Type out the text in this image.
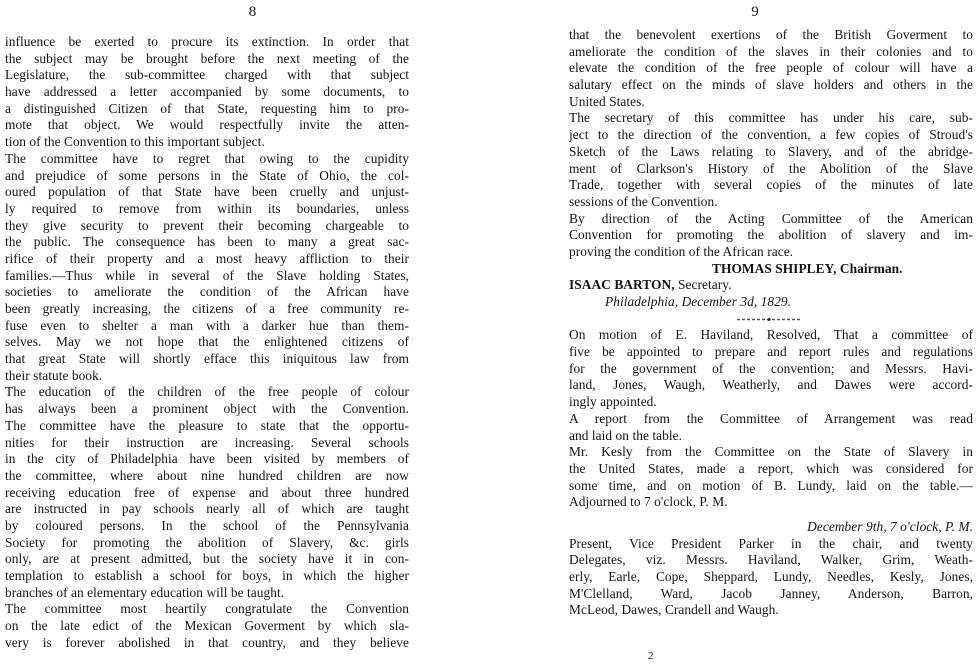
8
influence be exerted to procure its extinction. In order that
the subject may be brought before the next meeting of the
Legislature, the sub-committee charged with that subject
have addressed a letter accompanied by some documents, to
a distinguished Citizen of that State, requesting him to pro-
mote that object. We would respectfully invite the atten-
tion of the Convention to this important subject.
The committee have to regret that owing to the cupidity
and prejudice of some persons in the State of Ohio, the col-
oured population of that State have been cruelly and unjust-
ly required to remove from within its boundaries, unless
they give security to prevent their becoming chargeable to
the public. The consequence has been to many a great sac-
rifice of their property and a most heavy affliction to their
families.—Thus while in several of the Slave holding States,
societies to ameliorate the condition of the African have
been greatly increasing, the citizens of a free community re-
fuse even to shelter a man with a darker hue than them-
selves. May we not hope that the enlightened citizens of
that great State will shortly efface this iniquitous law from
their statute book.
The education of the children of the free people of colour
has always been a prominent object with the Convention.
The committee have the pleasure to state that the opportu-
nities for their instruction are increasing. Several schools
in the city of Philadelphia have been visited by members of
the committee, where about nine hundred children are now
receiving education free of expense and about three hundred
are instructed in pay schools nearly all of which are taught
by coloured persons. In the school of the Pennsylvania
Society for promoting the abolition of Slavery, &c. girls
only, are at present admitted, but the society have it in con-
templation to establish a school for boys, in which the higher
branches of an elementary education will be taught.
The committee most heartily congratulate the Convention
on the late edict of the Mexican Goverment by which sla-
very is forever abolished in that country, and they believe
9
that the benevolent exertions of the British Goverment to
ameliorate the condition of the slaves in their colonies and to
elevate the condition of the free people of colour will have a
salutary effect on the minds of slave holders and others in the
United States.
The secretary of this committee has under his care, sub-
ject to the direction of the convention, a few copies of Stroud's
Sketch of the Laws relating to Slavery, and of the abridge-
ment of Clarkson's History of the Abolition of the Slave
Trade, together with several copies of the minutes of late
sessions of the Convention.
By direction of the Acting Committee of the American
Convention for promoting the abolition of slavery and im-
proving the condition of the African race.
THOMAS SHIPLEY, Chairman.
ISAAC BARTON, Secretary.
Philadelphia, December 3d, 1829.
On motion of E. Haviland, Resolved, That a committee of
five be appointed to prepare and report rules and regulations
for the government of the convention; and Messrs. Havi-
land, Jones, Waugh, Weatherly, and Dawes were accord-
ingly appointed.
A report from the Committee of Arrangement was read
and laid on the table.
Mr. Kesly from the Committee on the State of Slavery in
the United States, made a report, which was considered for
some time, and on motion of B. Lundy, laid on the table.—
Adjourned to 7 o'clock, P. M.
December 9th, 7 o'clock, P. M.
Present, Vice President Parker in the chair, and twenty
Delegates, viz. Messrs. Haviland, Walker, Grim, Weath-
erly, Earle, Cope, Sheppard, Lundy, Needles, Kesly, Jones,
M'Clelland, Ward, Jacob Janney, Anderson, Barron,
McLeod, Dawes, Crandell and Waugh.
2
